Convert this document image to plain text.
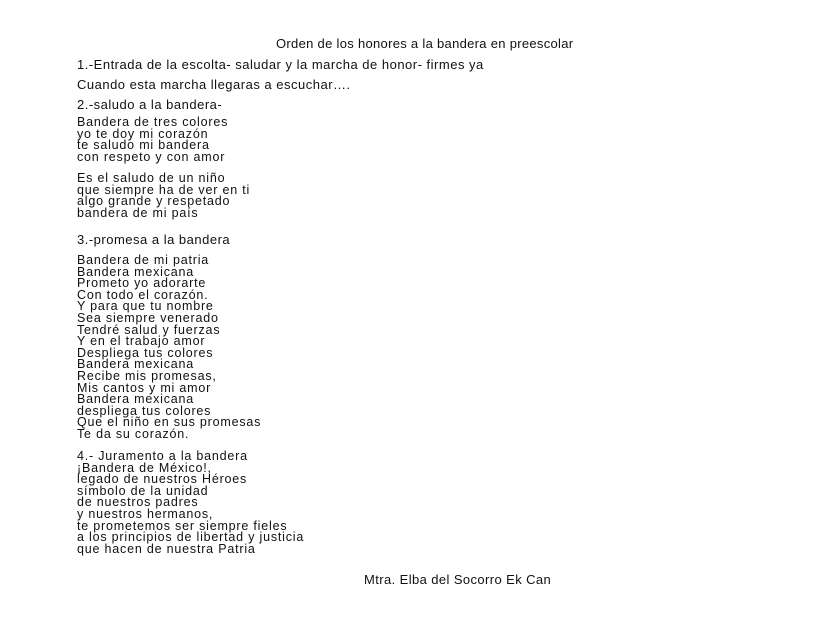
Orden de los honores a la bandera en preescolar
1.-Entrada de la escolta- saludar y la marcha de honor- firmes ya
Cuando esta marcha llegaras a escuchar….
2.-saludo a la bandera-
Bandera de tres colores
yo te doy mi corazón
te saludo mi bandera
con respeto y con amor
Es el saludo de un niño
que siempre ha de ver en ti
algo grande y respetado
bandera de mi país
3.-promesa a la bandera
Bandera de mi patria
Bandera mexicana
Prometo yo adorarte
Con todo el corazón.
Y para que tu nombre
Sea siempre venerado
Tendré salud y fuerzas
Y en el trabajo amor
Despliega tus colores
Bandera mexicana
Recibe mis promesas,
Mis cantos y mi amor
Bandera mexicana
despliega tus colores
Que el niño en sus promesas
Te da su corazón.
4.- Juramento a la bandera
¡Bandera de México!,
legado de nuestros Héroes
símbolo de la unidad
de nuestros padres
y nuestros hermanos,
te prometemos ser siempre fieles
a los principios de libertad y justicia
que hacen de nuestra Patria
Mtra. Elba del Socorro Ek Can
